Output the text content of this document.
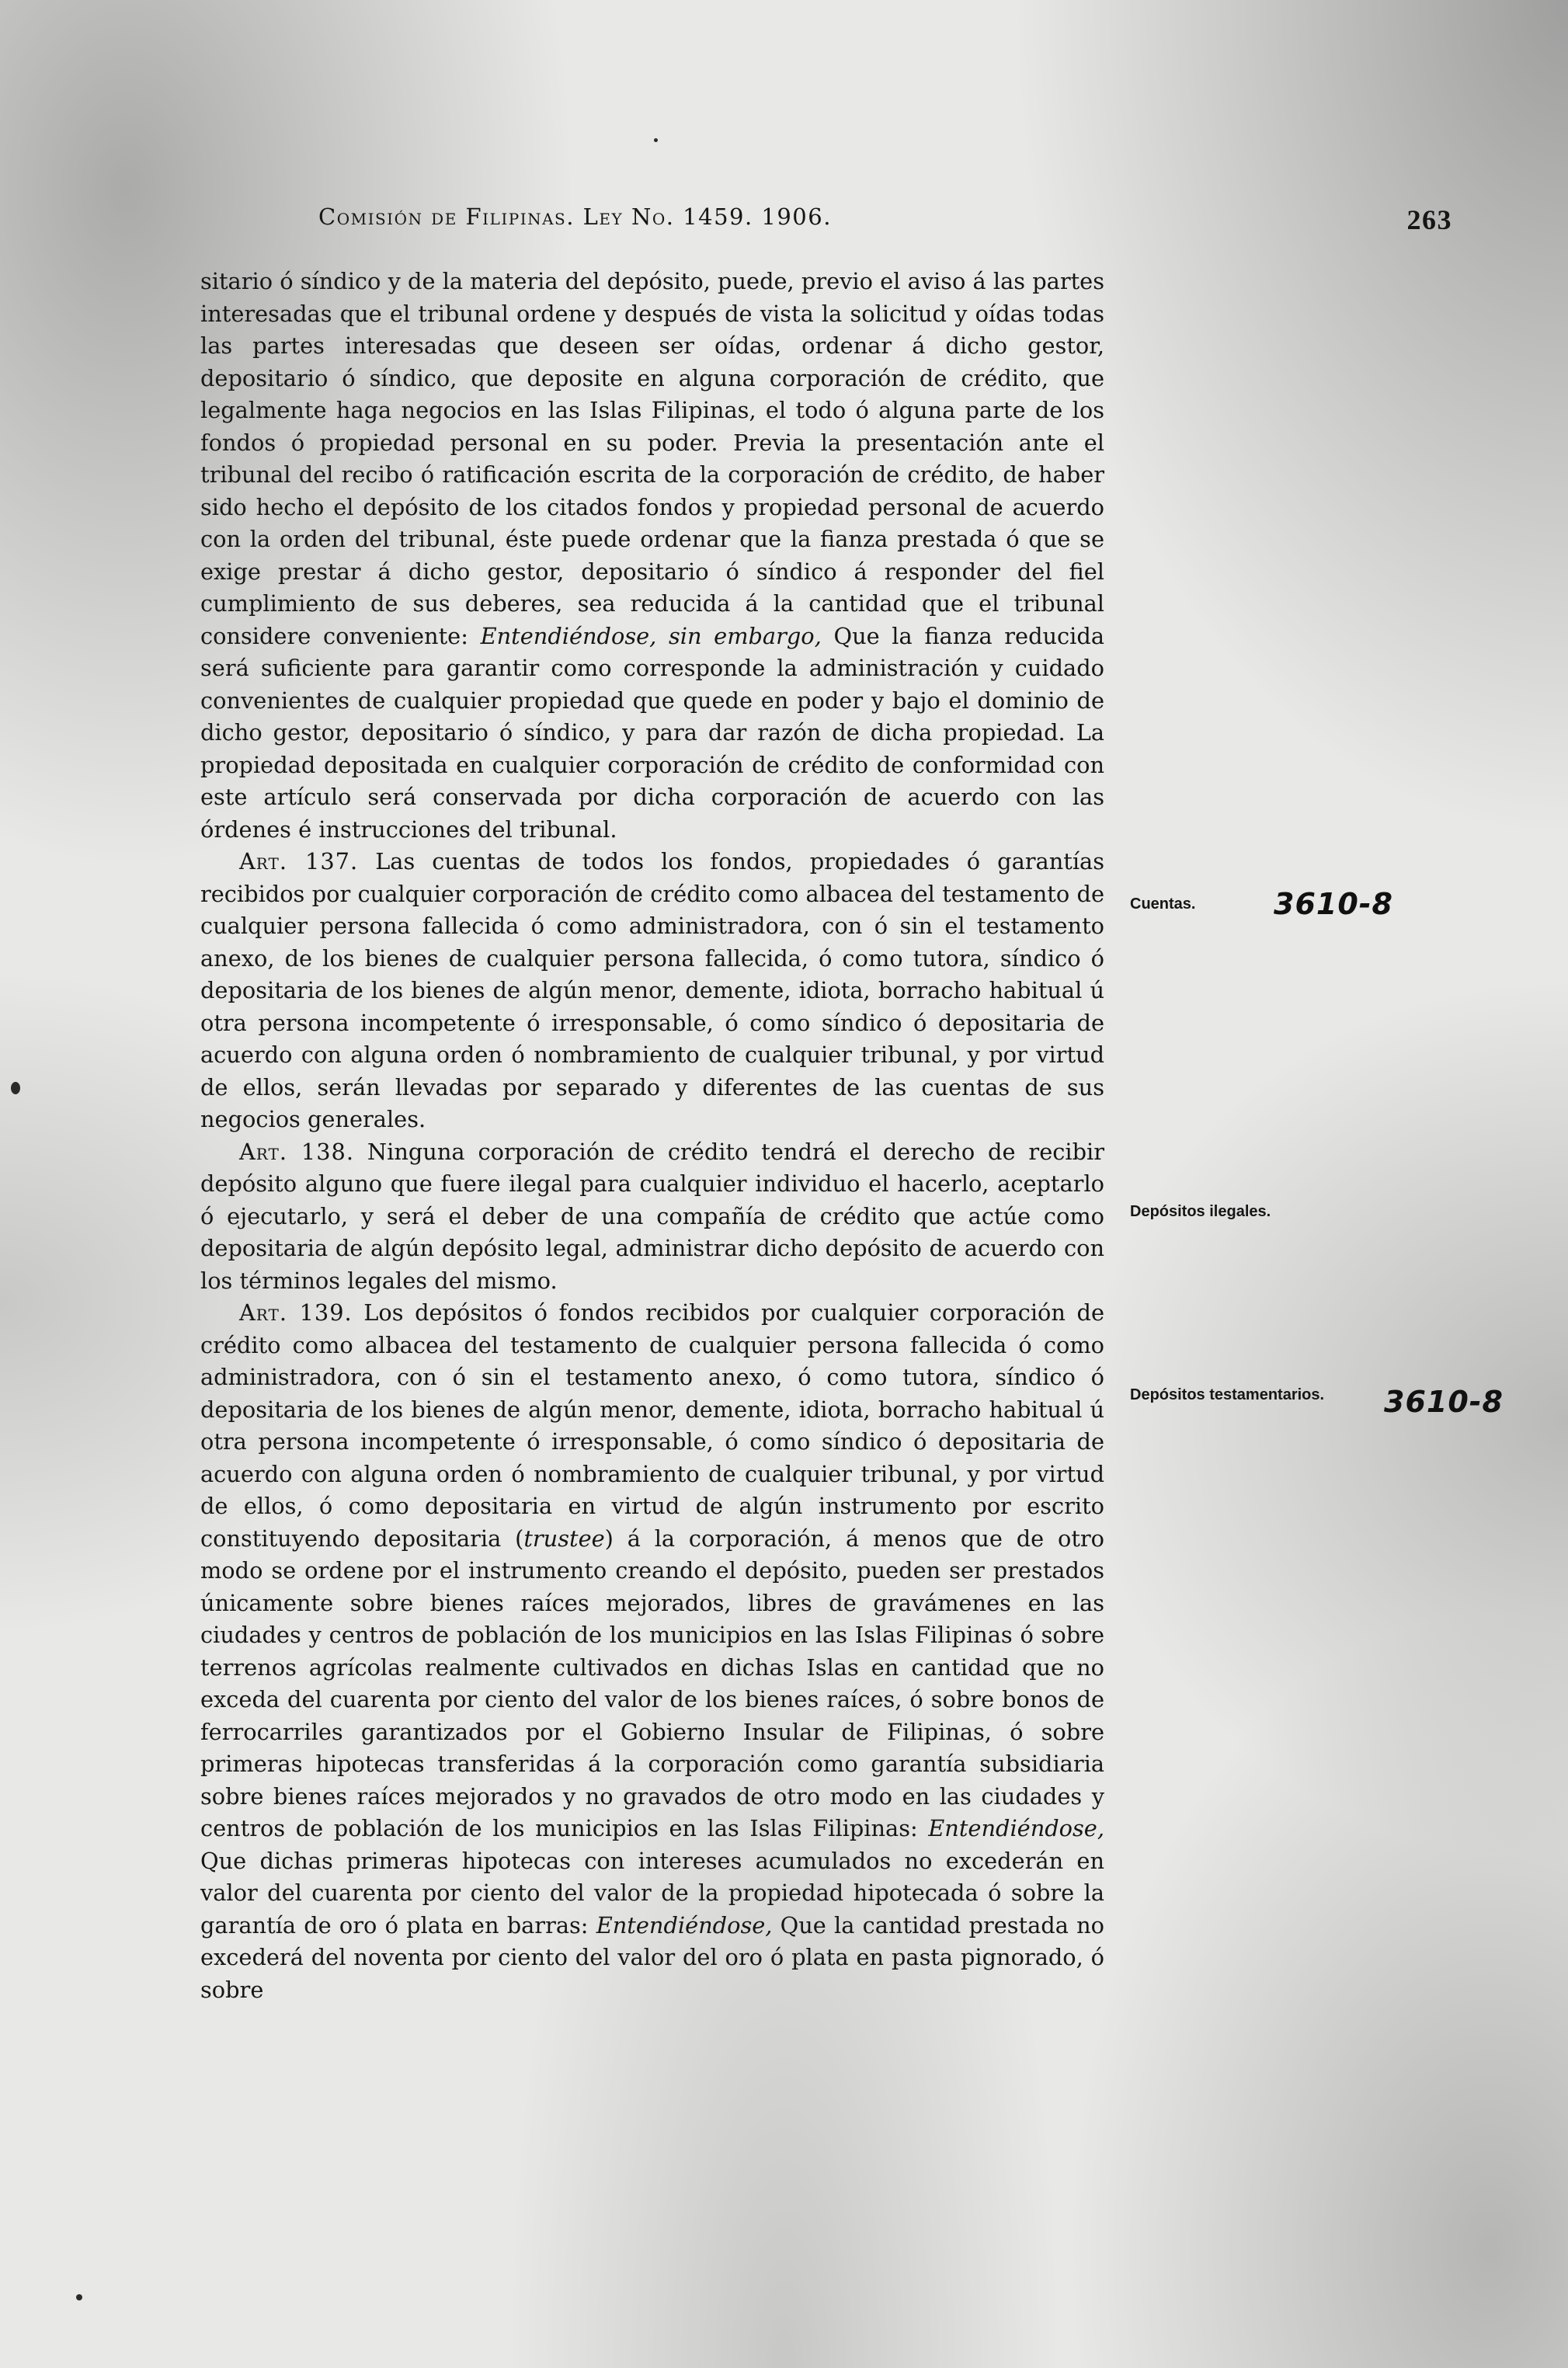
Comisión de Filipinas. Ley No. 1459. 1906.	263

sitario ó síndico y de la materia del depósito, puede, previo el aviso á las partes interesadas que el tribunal ordene y después de vista la solicitud y oídas todas las partes interesadas que deseen ser oídas, ordenar á dicho gestor, depositario ó síndico, que deposite en alguna corporación de crédito, que legalmente haga negocios en las Islas Filipinas, el todo ó alguna parte de los fondos ó propiedad personal en su poder. Previa la presentación ante el tribunal del recibo ó ratificación escrita de la corporación de crédito, de haber sido hecho el depósito de los citados fondos y propiedad personal de acuerdo con la orden del tribunal, éste puede ordenar que la fianza prestada ó que se exige prestar á dicho gestor, depositario ó síndico á responder del fiel cumplimiento de sus deberes, sea reducida á la cantidad que el tribunal considere conveniente: Entendiéndose, sin embargo, Que la fianza reducida será suficiente para garantir como corresponde la administración y cuidado convenientes de cualquier propiedad que quede en poder y bajo el dominio de dicho gestor, depositario ó síndico, y para dar razón de dicha propiedad. La propiedad depositada en cualquier corporación de crédito de conformidad con este artículo será conservada por dicha corporación de acuerdo con las órdenes é instrucciones del tribunal.

Art. 137. Las cuentas de todos los fondos, propiedades ó garantías recibidos por cualquier corporación de crédito como albacea del testamento de cualquier persona fallecida ó como administradora, con ó sin el testamento anexo, de los bienes de cualquier persona fallecida, ó como tutora, síndico ó depositaria de los bienes de algún menor, demente, idiota, borracho habitual ú otra persona incompetente ó irresponsable, ó como síndico ó depositaria de acuerdo con alguna orden ó nombramiento de cualquier tribunal, y por virtud de ellos, serán llevadas por separado y diferentes de las cuentas de sus negocios generales.

Art. 138. Ninguna corporación de crédito tendrá el derecho de recibir depósito alguno que fuere ilegal para cualquier individuo el hacerlo, aceptarlo ó ejecutarlo, y será el deber de una compañía de crédito que actúe como depositaria de algún depósito legal, administrar dicho depósito de acuerdo con los términos legales del mismo.

Art. 139. Los depósitos ó fondos recibidos por cualquier corporación de crédito como albacea del testamento de cualquier persona fallecida ó como administradora, con ó sin el testamento anexo, ó como tutora, síndico ó depositaria de los bienes de algún menor, demente, idiota, borracho habitual ú otra persona incompetente ó irresponsable, ó como síndico ó depositaria de acuerdo con alguna orden ó nombramiento de cualquier tribunal, y por virtud de ellos, ó como depositaria en virtud de algún instrumento por escrito constituyendo depositaria (trustee) á la corporación, á menos que de otro modo se ordene por el instrumento creando el depósito, pueden ser prestados únicamente sobre bienes raíces mejorados, libres de gravámenes en las ciudades y centros de población de los municipios en las Islas Filipinas ó sobre terrenos agrícolas realmente cultivados en dichas Islas en cantidad que no exceda del cuarenta por ciento del valor de los bienes raíces, ó sobre bonos de ferrocarriles garantizados por el Gobierno Insular de Filipinas, ó sobre primeras hipotecas transferidas á la corporación como garantía subsidiaria sobre bienes raíces mejorados y no gravados de otro modo en las ciudades y centros de población de los municipios en las Islas Filipinas: Entendiéndose, Que dichas primeras hipotecas con intereses acumulados no excederán en valor del cuarenta por ciento del valor de la propiedad hipotecada ó sobre la garantía de oro ó plata en barras: Entendiéndose, Que la cantidad prestada no excederá del noventa por ciento del valor del oro ó plata en pasta pignorado, ó sobre

Cuentas.
Depósitos ilegales.
Depósitos testamentarios.
3610-8
3610-8
